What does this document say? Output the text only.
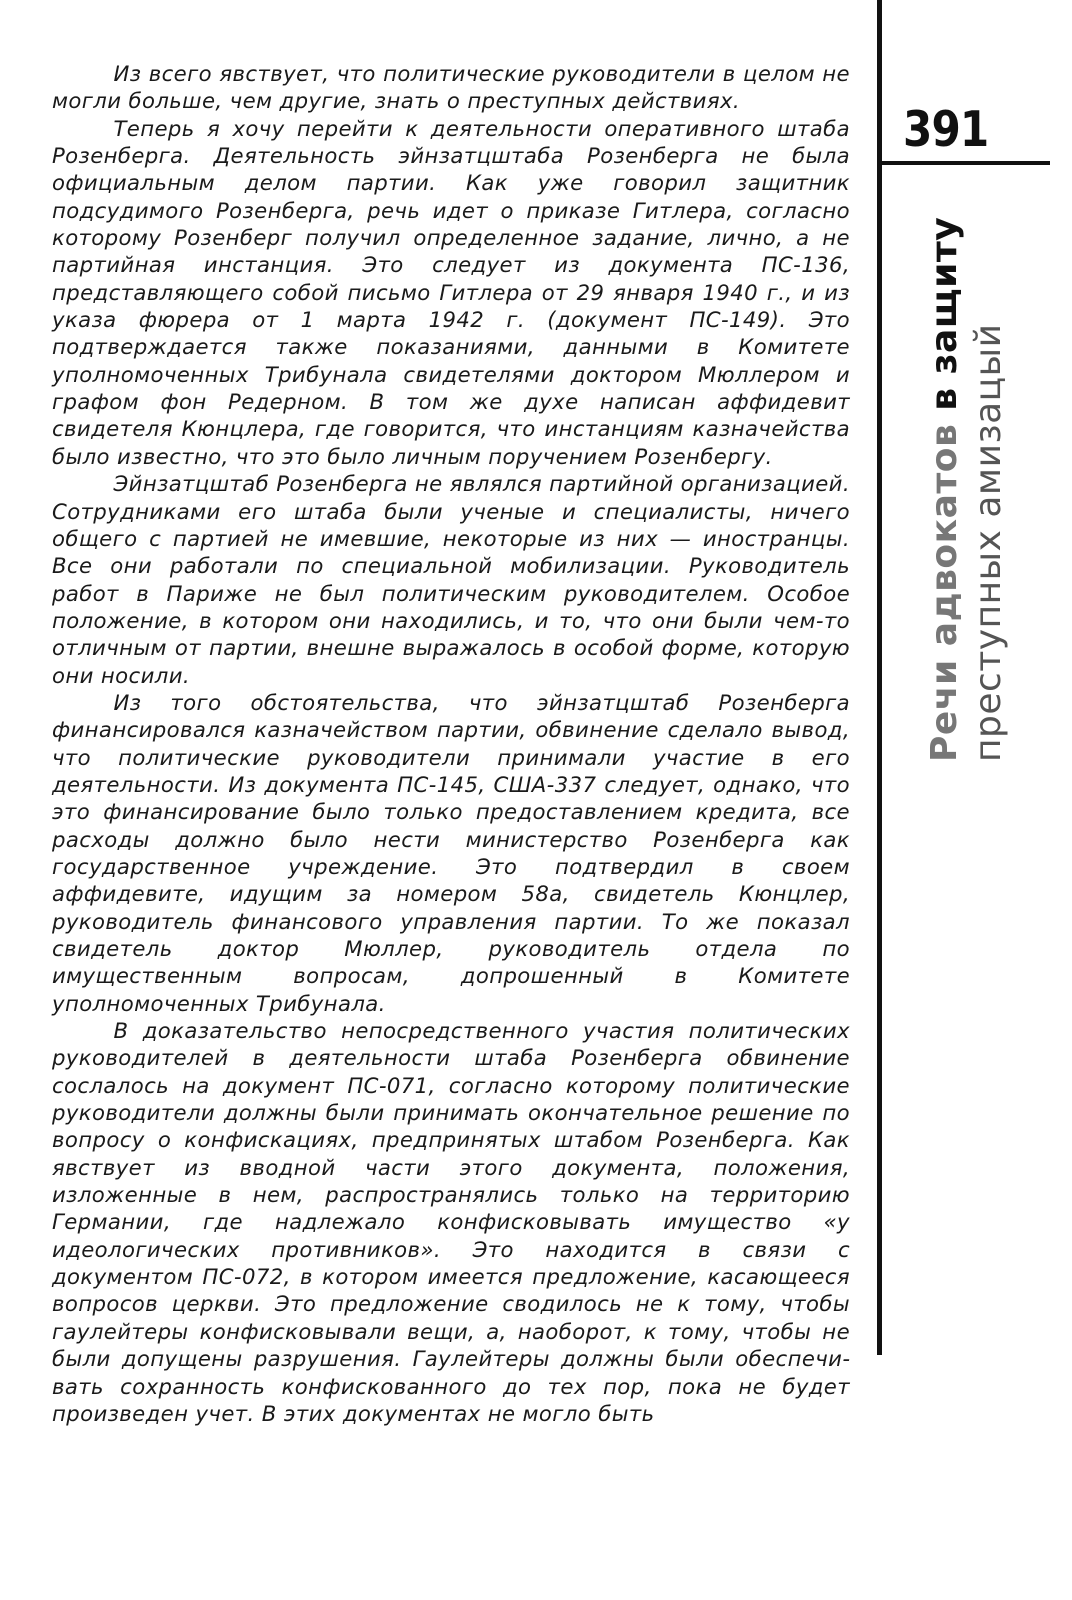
Из всего явствует, что политические руководители в целом не могли больше, чем другие, знать о преступных действиях.

Теперь я хочу перейти к деятельности оперативного штаба Розенберга. Деятельность эйнзатцштаба Розенберга не была официальным делом партии. Как уже говорил защитник подсудимого Розенберга, речь идет о приказе Гитлера, согласно которому Розенберг получил определенное задание, лично, а не партийная инстанция. Это следует из документа ПС-136, представляющего собой письмо Гитлера от 29 января 1940 г., и из указа фюрера от 1 марта 1942 г. (документ ПС-149). Это подтверждается также показаниями, данными в Комитете уполномоченных Трибунала свидетелями доктором Мюллером и графом фон Редерном. В том же духе написан аффидевит свидетеля Кюнцлера, где говорится, что инстанциям казначейства было известно, что это было личным поручением Розенбергу.

Эйнзатцштаб Розенберга не являлся партийной организацией. Сотрудниками его штаба были ученые и специалисты, ничего общего с партией не имевшие, некоторые из них — иностранцы. Все они работали по специальной мобилизации. Руководитель работ в Париже не был политическим руководителем. Особое положение, в котором они находились, и то, что они были чем-то отличным от партии, внешне выражалось в особой форме, которую они носили.

Из того обстоятельства, что эйнзатцштаб Розенберга финансировался казначейством партии, обвинение сделало вывод, что политические руководители принимали участие в его деятельности. Из документа ПС-145, США-337 следует, однако, что это финансирование было только предоставлением кредита, все расходы должно было нести министерство Розенберга как государственное учреждение. Это подтвердил в своем аффидевите, идущим за номером 58а, свидетель Кюнцлер, руководитель финансового управления партии. То же показал свидетель доктор Мюллер, руководитель отдела по имущественным вопросам, допрошенный в Комитете уполномоченных Трибунала.

В доказательство непосредственного участия политических руководителей в деятельности штаба Розенберга обвинение сослалось на документ ПС-071, согласно которому политические руководители должны были принимать окончательное решение по вопросу о конфискациях, предпринятых штабом Розенберга. Как явствует из вводной части этого документа, положения, изложенные в нем, распространялись только на территорию Германии, где надлежало конфисковывать имущество «у идеологических противников». Это находится в связи с документом ПС-072, в котором имеется предложение, касающееся вопросов церкви. Это предложение сводилось не к тому, чтобы гаулейтеры конфисковывали вещи, а, наоборот, к тому, чтобы не были допущены разрушения. Гаулейтеры должны были обеспечивать сохранность конфискованного до тех пор, пока не будет произведен учет. В этих документах не могло быть

391
Речи адвокатов в защиту
преступных амизацый
